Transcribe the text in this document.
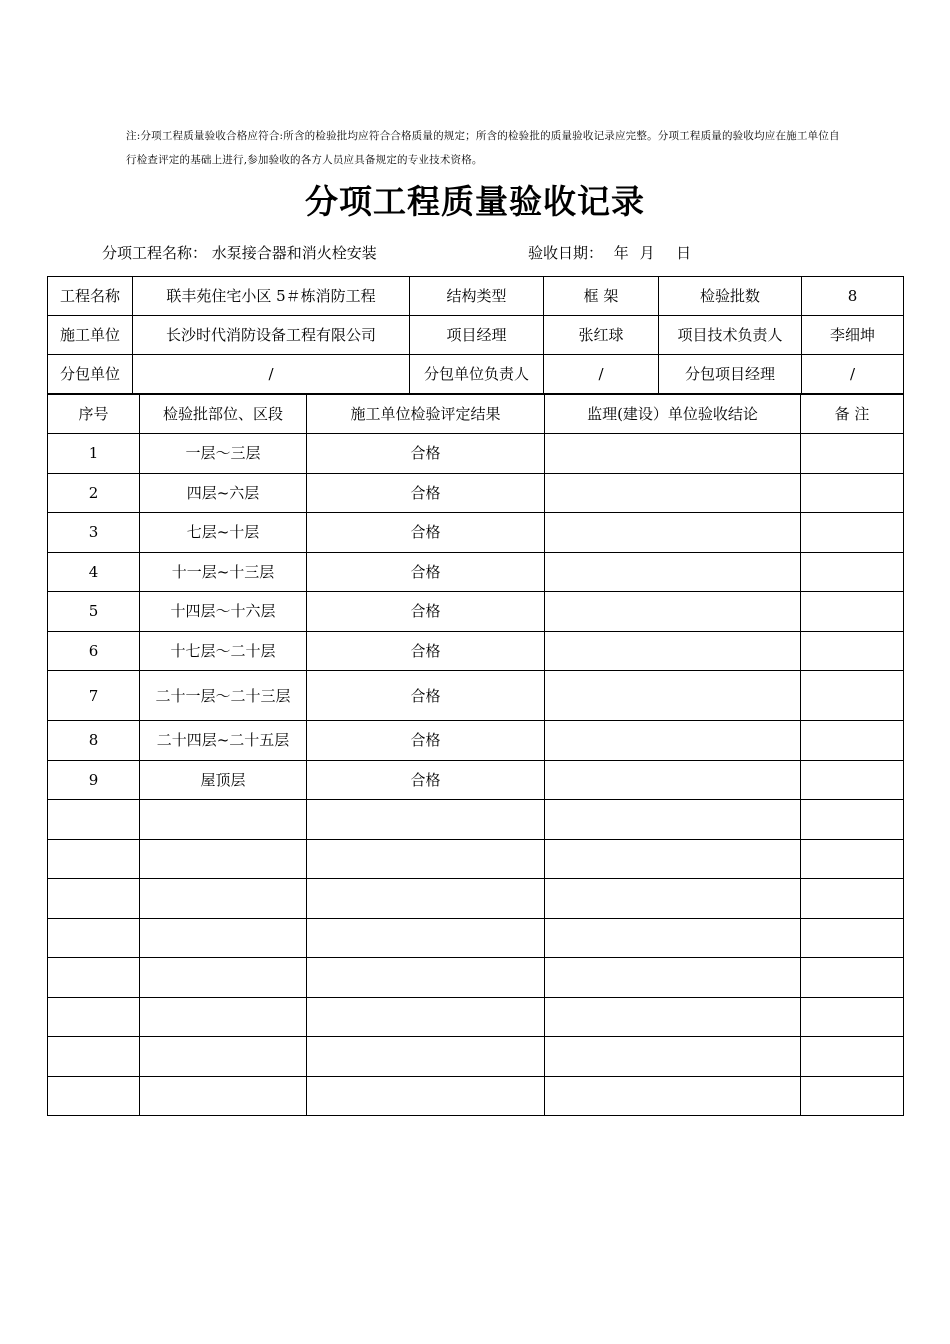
注:分项工程质量验收合格应符合:所含的检验批均应符合合格质量的规定；所含的检验批的质量验收记录应完整。分项工程质量的验收均应在施工单位自行检查评定的基础上进行,参加验收的各方人员应具备规定的专业技术资格。
分项工程质量验收记录
分项工程名称： 水泵接合器和消火栓安装	验收日期： 年 月  日
工程名称	联丰苑住宅小区 5＃栋消防工程	结构类型	框 架	检验批数	8
施工单位	长沙时代消防设备工程有限公司	项目经理	张红球	项目技术负责人	李细坤
分包单位	/	分包单位负责人	/	分包项目经理	/
序号	检验批部位、区段	施工单位检验评定结果	监理(建设）单位验收结论	备 注
1	一层～三层	合格		
2	四层~六层	合格		
3	七层~十层	合格		
4	十一层~十三层	合格		
5	十四层～十六层	合格		
6	十七层～二十层	合格		
7	二十一层～二十三层	合格		
8	二十四层~二十五层	合格		
9	屋顶层	合格		
